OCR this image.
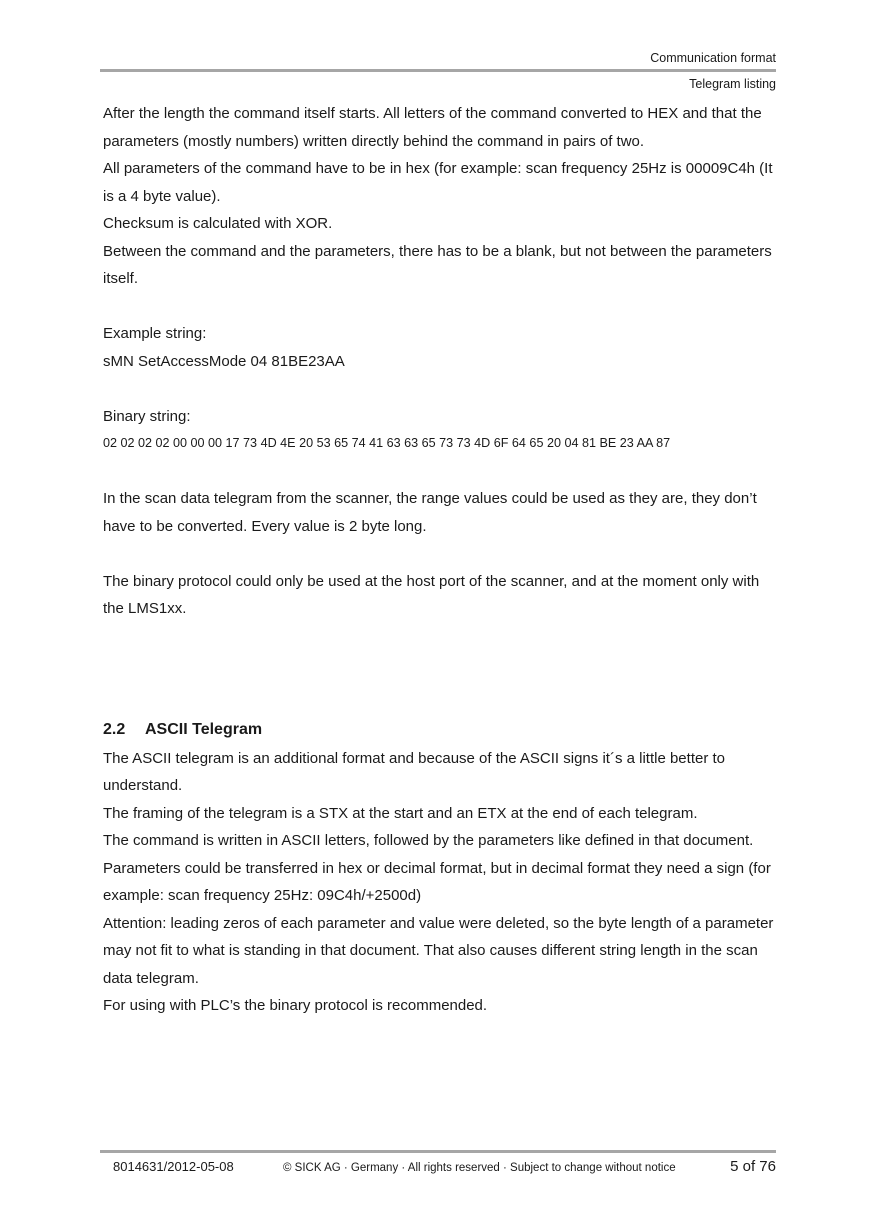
Communication format
Telegram listing

After the length the command itself starts. All letters of the command converted to HEX and that the parameters (mostly numbers) written directly behind the command in pairs of two.

All parameters of the command have to be in hex (for example: scan frequency 25Hz is 00009C4h (It is a 4 byte value).

Checksum is calculated with XOR.

Between the command and the parameters, there has to be a blank, but not between the parameters itself.

Example string:

sMN SetAccessMode 04 81BE23AA

Binary string:

02 02 02 02 00 00 00 17 73 4D 4E 20 53 65 74 41 63 63 65 73 73 4D 6F 64 65 20 04 81 BE 23 AA 87

In the scan data telegram from the scanner, the range values could be used as they are, they don’t have to be converted. Every value is 2 byte long.

The binary protocol could only be used at the host port of the scanner, and at the moment only with the LMS1xx.

2.2 ASCII Telegram

The ASCII telegram is an additional format and because of the ASCII signs it´s a little better to understand.

The framing of the telegram is a STX at the start and an ETX at the end of each telegram.

The command is written in ASCII letters, followed by the parameters like defined in that document. Parameters could be transferred in hex or decimal format, but in decimal format they need a sign (for example: scan frequency 25Hz: 09C4h/+2500d)

Attention: leading zeros of each parameter and value were deleted, so the byte length of a parameter may not fit to what is standing in that document. That also causes different string length in the scan data telegram.

For using with PLC’s the binary protocol is recommended.

8014631/2012-05-08	© SICK AG · Germany · All rights reserved · Subject to change without notice	5 of 76
